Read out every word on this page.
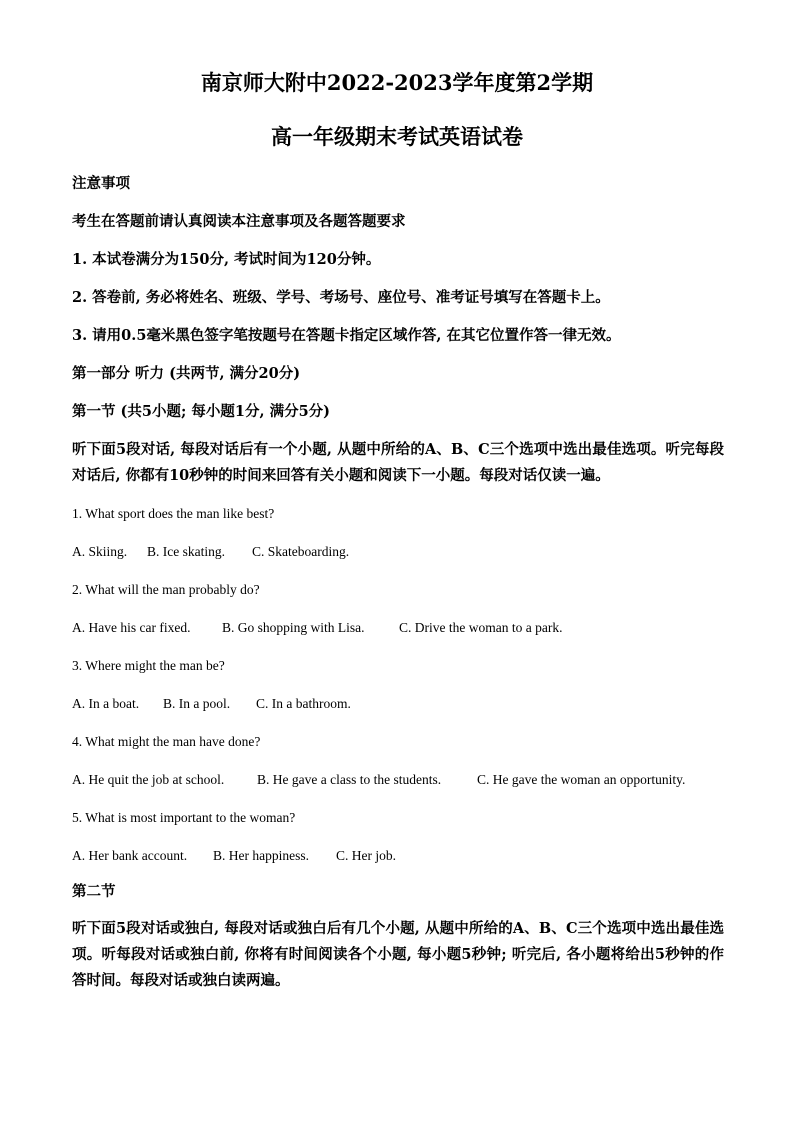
南京师大附中2022-2023学年度第2学期
高一年级期末考试英语试卷
注意事项
考生在答题前请认真阅读本注意事项及各题答题要求
1. 本试卷满分为150分, 考试时间为120分钟。
2. 答卷前, 务必将姓名、班级、学号、考场号、座位号、准考证号填写在答题卡上。
3. 请用0.5毫米黑色签字笔按题号在答题卡指定区域作答, 在其它位置作答一律无效。
第一部分 听力 (共两节, 满分20分)
第一节 (共5小题; 每小题1分, 满分5分)
听下面5段对话, 每段对话后有一个小题, 从题中所给的A、B、C三个选项中选出最佳选项。听完每段对话后, 你都有10秒钟的时间来回答有关小题和阅读下一小题。每段对话仅读一遍。
1. What sport does the man like best?
A. Skiing. B. Ice skating. C. Skateboarding.
2. What will the man probably do?
A. Have his car fixed. B. Go shopping with Lisa.	C. Drive the woman to a park.
3. Where might the man be?
A. In a boat. B. In a pool. C. In a bathroom.
4. What might the man have done?
A. He quit the job at school. B. He gave a class to the students.	C. He gave the woman an opportunity.
5. What is most important to the woman?
A. Her bank account. B. Her happiness. C. Her job.
第二节
听下面5段对话或独白, 每段对话或独白后有几个小题, 从题中所给的A、B、C三个选项中选出最佳选项。听每段对话或独白前, 你将有时间阅读各个小题, 每小题5秒钟; 听完后, 各小题将给出5秒钟的作答时间。每段对话或独白读两遍。
